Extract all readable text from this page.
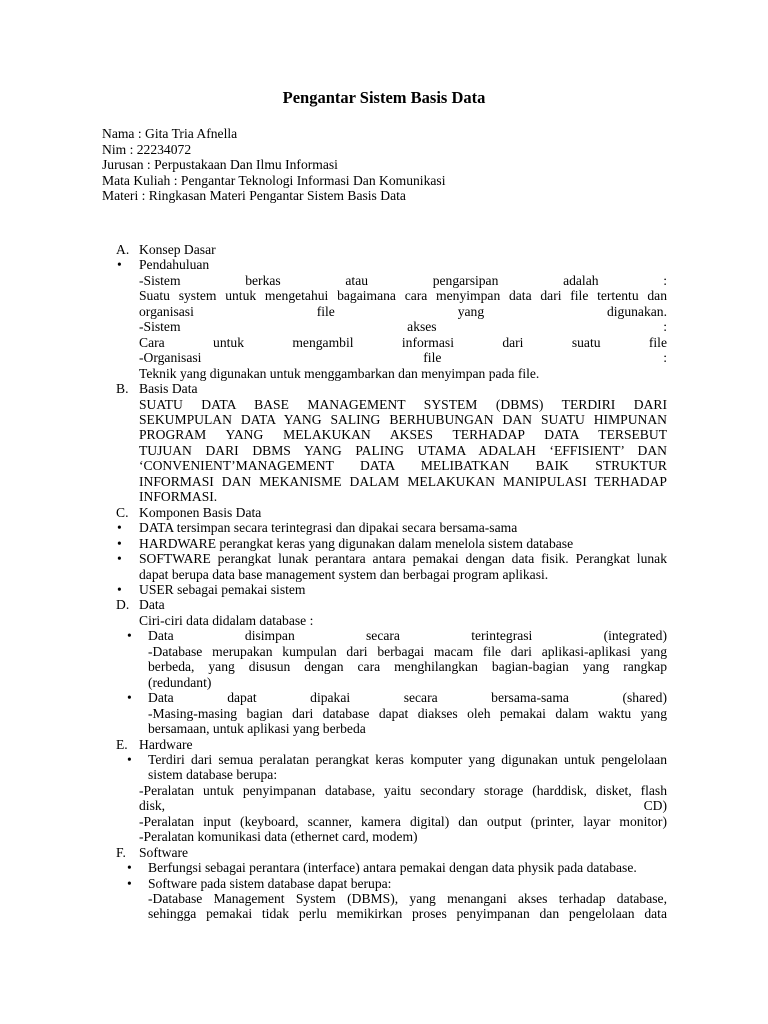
Pengantar Sistem Basis Data
Nama : Gita Tria Afnella
Nim : 22234072
Jurusan : Perpustakaan Dan Ilmu Informasi
Mata Kuliah : Pengantar Teknologi Informasi Dan Komunikasi
Materi : Ringkasan Materi Pengantar Sistem Basis Data
A. Konsep Dasar
• Pendahuluan
-Sistem berkas atau pengarsipan adalah :
Suatu system untuk mengetahui bagaimana cara menyimpan data dari file tertentu dan
organisasi file yang digunakan.
-Sistem akses :
Cara untuk mengambil informasi dari suatu file
-Organisasi file :
Teknik yang digunakan untuk menggambarkan dan menyimpan pada file.
B. Basis Data
SUATU DATA BASE MANAGEMENT SYSTEM (DBMS) TERDIRI DARI
SEKUMPULAN DATA YANG SALING BERHUBUNGAN DAN SUATU HIMPUNAN
PROGRAM YANG MELAKUKAN AKSES TERHADAP DATA TERSEBUT
TUJUAN DARI DBMS YANG PALING UTAMA ADALAH ‘EFFISIENT’ DAN
‘CONVENIENT’MANAGEMENT DATA MELIBATKAN BAIK STRUKTUR
INFORMASI DAN MEKANISME DALAM MELAKUKAN MANIPULASI TERHADAP
INFORMASI.
C. Komponen Basis Data
• DATA tersimpan secara terintegrasi dan dipakai secara bersama-sama
• HARDWARE perangkat keras yang digunakan dalam menelola sistem database
• SOFTWARE perangkat lunak perantara antara pemakai dengan data fisik. Perangkat lunak
dapat berupa data base management system dan berbagai program aplikasi.
• USER sebagai pemakai sistem
D. Data
Ciri-ciri data didalam database :
• Data disimpan secara terintegrasi (integrated)
-Database merupakan kumpulan dari berbagai macam file dari aplikasi-aplikasi yang
berbeda, yang disusun dengan cara menghilangkan bagian-bagian yang rangkap
(redundant)
• Data dapat dipakai secara bersama-sama (shared)
-Masing-masing bagian dari database dapat diakses oleh pemakai dalam waktu yang
bersamaan, untuk aplikasi yang berbeda
E. Hardware
• Terdiri dari semua peralatan perangkat keras komputer yang digunakan untuk pengelolaan
sistem database berupa:
-Peralatan untuk penyimpanan database, yaitu secondary storage (harddisk, disket, flash
disk, CD)
-Peralatan input (keyboard, scanner, kamera digital) dan output (printer, layar monitor)
-Peralatan komunikasi data (ethernet card, modem)
F. Software
• Berfungsi sebagai perantara (interface) antara pemakai dengan data physik pada database.
• Software pada sistem database dapat berupa:
-Database Management System (DBMS), yang menangani akses terhadap database,
sehingga pemakai tidak perlu memikirkan proses penyimpanan dan pengelolaan data
